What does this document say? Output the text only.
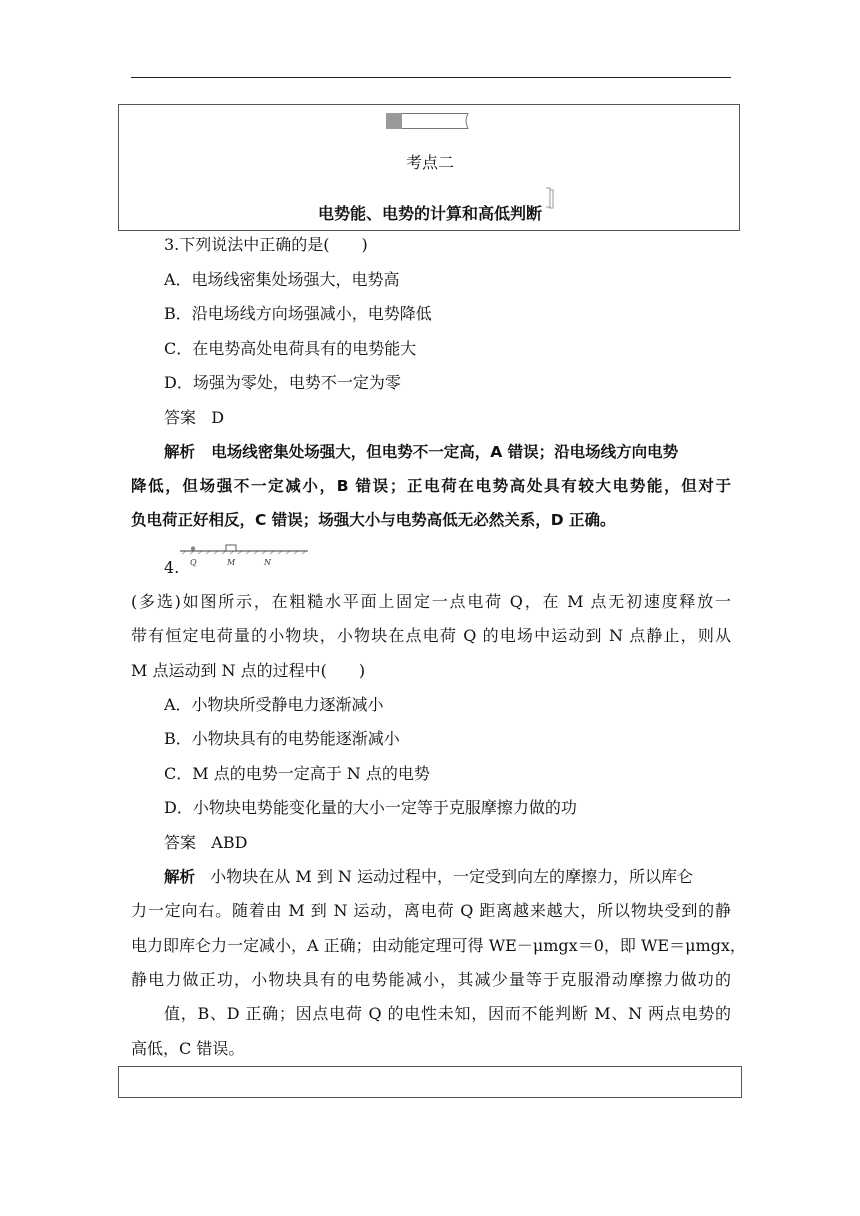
考点二
电势能、电势的计算和高低判断
3.下列说法中正确的是(　　)
A．电场线密集处场强大，电势高
B．沿电场线方向场强减小，电势降低
C．在电势高处电荷具有的电势能大
D．场强为零处，电势不一定为零
答案 D
解析 电场线密集处场强大，但电势不一定高，A 错误；沿电场线方向电势
降低，但场强不一定减小，B 错误；正电荷在电势高处具有较大电势能，但对于
负电荷正好相反，C 错误；场强大小与电势高低无必然关系，D 正确。
Q	M	N
4.
(多选)如图所示，在粗糙水平面上固定一点电荷 Q，在 M 点无初速度释放一
带有恒定电荷量的小物块，小物块在点电荷 Q 的电场中运动到 N 点静止，则从
M 点运动到 N 点的过程中(　　)
A．小物块所受静电力逐渐减小
B．小物块具有的电势能逐渐减小
C．M 点的电势一定高于 N 点的电势
D．小物块电势能变化量的大小一定等于克服摩擦力做的功
答案 ABD
解析 小物块在从 M 到 N 运动过程中，一定受到向左的摩擦力，所以库仑
力一定向右。随着由 M 到 N 运动，离电荷 Q 距离越来越大，所以物块受到的静
电力即库仑力一定减小，A 正确；由动能定理可得 WE－μmgx＝0，即 WE＝μmgx，
静电力做正功，小物块具有的电势能减小，其减少量等于克服滑动摩擦力做功的
值，B、D 正确；因点电荷 Q 的电性未知，因而不能判断 M、N 两点电势的
高低，C 错误。
